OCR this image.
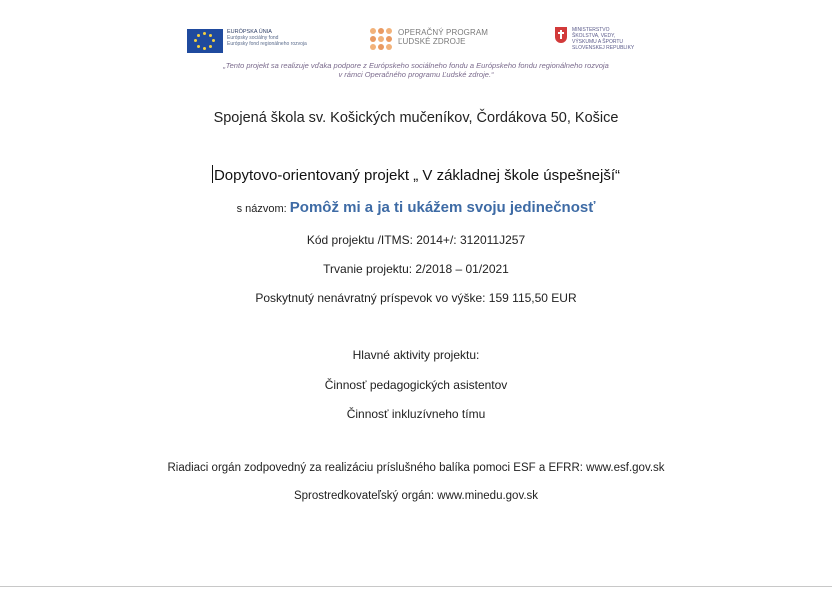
EURÓPSKA ÚNIA
Európsky sociálny fond
Európsky fond regionálneho rozvoja
OPERAČNÝ PROGRAM
ĽUDSKÉ ZDROJE
MINISTERSTVO
ŠKOLSTVA, VEDY,
VÝSKUMU A ŠPORTU
SLOVENSKEJ REPUBLIKY
„Tento projekt sa realizuje vďaka podpore z Európskeho sociálneho fondu a Európskeho fondu regionálneho rozvoja
v rámci Operačného programu Ľudské zdroje.“
Spojená škola sv. Košických mučeníkov, Čordákova 50, Košice
Dopytovo-orientovaný projekt „ V základnej škole úspešnejší“
s názvom: Pomôž mi a ja ti ukážem svoju jedinečnosť
Kód projektu /ITMS: 2014+/: 312011J257
Trvanie projektu: 2/2018 – 01/2021
Poskytnutý nenávratný príspevok vo výške: 159 115,50 EUR
Hlavné aktivity projektu:
Činnosť pedagogických asistentov
Činnosť inkluzívneho tímu
Riadiaci orgán zodpovedný za realizáciu príslušného balíka pomoci ESF a EFRR: www.esf.gov.sk
Sprostredkovateľský orgán: www.minedu.gov.sk
